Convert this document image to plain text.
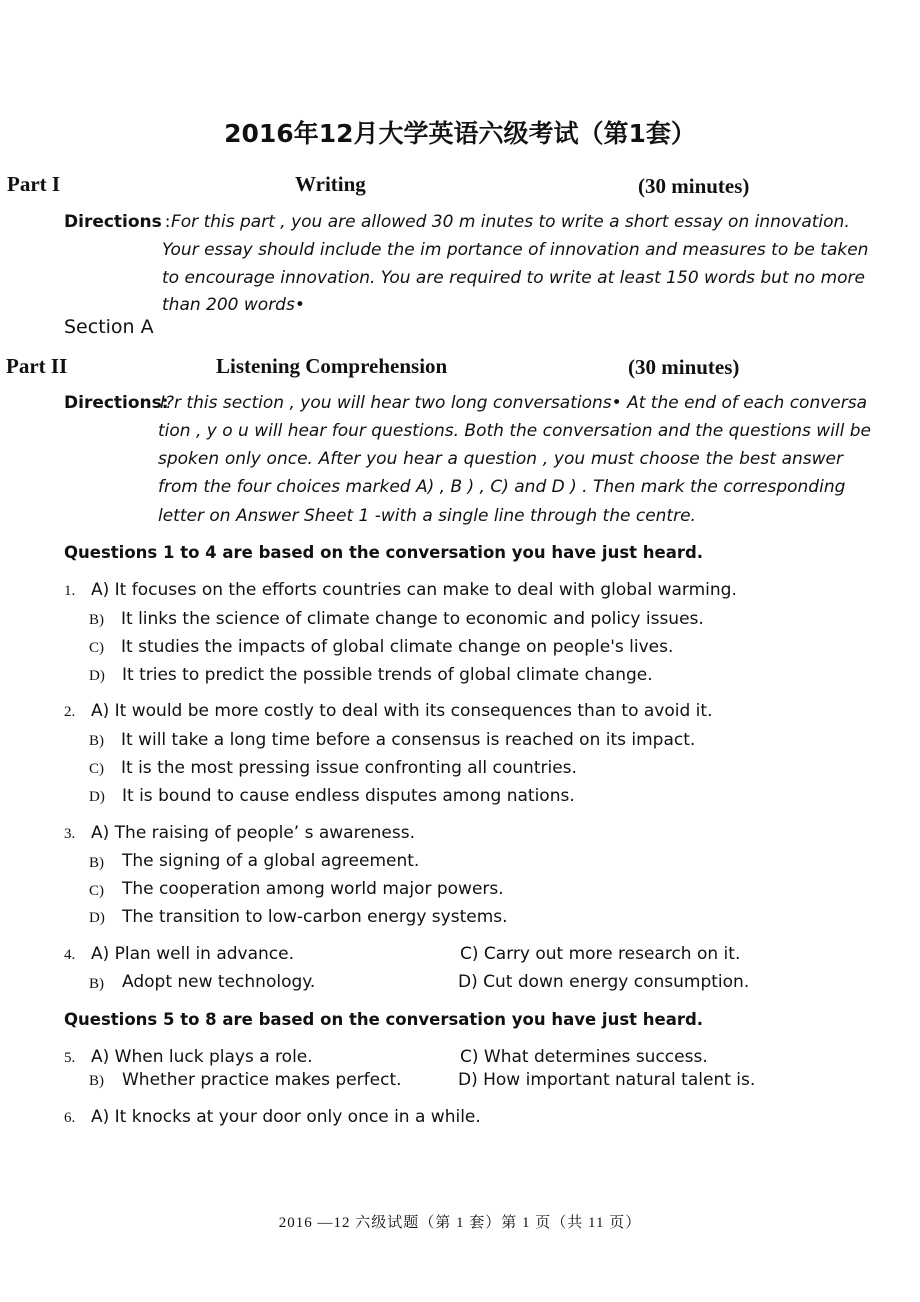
2016年12月大学英语六级考试（第1套）
Part I	Writing	(30 minutes)
Directions : For this part , you are allowed 30 m inutes to write a short essay on innovation.
Your essay should include the im portance of innovation and measures to be taken
to encourage innovation. You are required to write at least 150 words but no more
than 200 words•
Section A
Part II	Listening Comprehension	(30 minutes)
Directions:
I?r this section , you will hear two long conversations• At the end of each conversa
tion , y o u will hear four questions. Both the conversation and the questions will be
spoken only once. After you hear a question , you must choose the best answer
from the four choices marked A) , B ) , C) and D ) . Then mark the corresponding
letter on Answer Sheet 1 -with a single line through the centre.
Questions 1 to 4 are based on the conversation you have just heard.
1. A) It focuses on the efforts countries can make to deal with global warming.
B) It links the science of climate change to economic and policy issues.
C) It studies the impacts of global climate change on people's lives.
D) It tries to predict the possible trends of global climate change.
2. A) It would be more costly to deal with its consequences than to avoid it.
B) It will take a long time before a consensus is reached on its impact.
C) It is the most pressing issue confronting all countries.
D) It is bound to cause endless disputes among nations.
3. A) The raising of people’ s awareness.
B) The signing of a global agreement.
C) The cooperation among world major powers.
D) The transition to low-carbon energy systems.
4. A) Plan well in advance.	C) Carry out more research on it.
B) Adopt new technology.	D) Cut down energy consumption.
Questions 5 to 8 are based on the conversation you have just heard.
5. A) When luck plays a role.	C) What determines success.
B) Whether practice makes perfect.	D) How important natural talent is.
6. A) It knocks at your door only once in a while.
2016 —12 六级试题（第 1 套）第 1 页（共 11 页）
